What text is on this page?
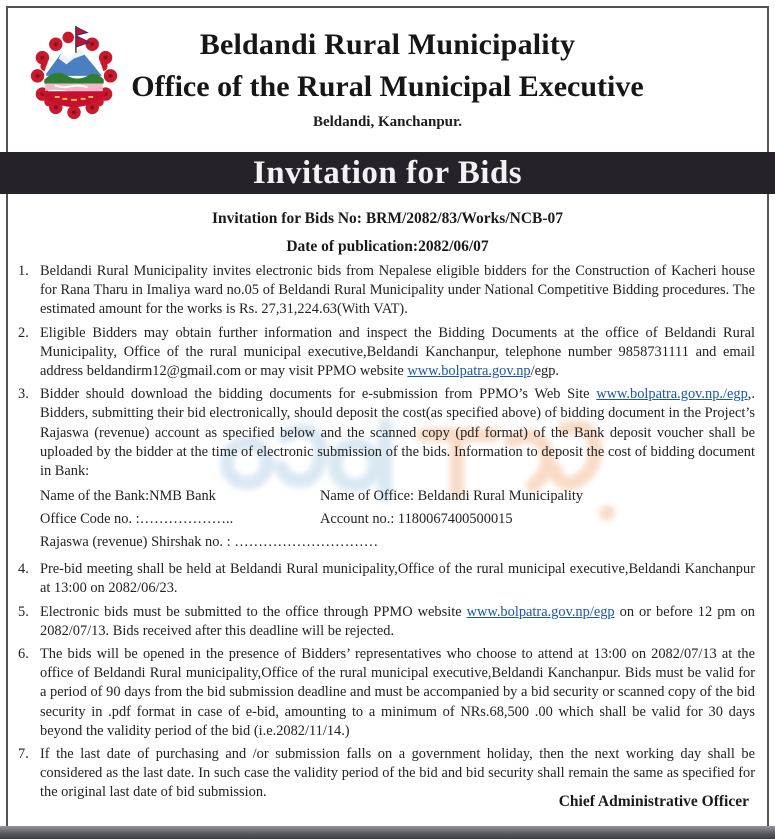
Beldandi Rural Municipality
Office of the Rural Municipal Executive
Beldandi, Kanchanpur.
Invitation for Bids
Invitation for Bids No: BRM/2082/83/Works/NCB-07
Date of publication:2082/06/07
1. Beldandi Rural Municipality invites electronic bids from Nepalese eligible bidders for the Construction of Kacheri house for Rana Tharu in Imaliya ward no.05 of Beldandi Rural Municipality under National Competitive Bidding procedures. The estimated amount for the works is Rs. 27,31,224.63(With VAT).

2. Eligible Bidders may obtain further information and inspect the Bidding Documents at the office of Beldandi Rural Municipality, Office of the rural municipal executive,Beldandi Kanchanpur, telephone number 9858731111 and email address beldandirm12@gmail.com or may visit PPMO website www.bolpatra.gov.np/egp.

3. Bidder should download the bidding documents for e-submission from PPMO’s Web Site www.bolpatra.gov.np./egp,. Bidders, submitting their bid electronically, should deposit the cost(as specified above) of bidding document in the Project’s Rajaswa (revenue) account as specified below and the scanned copy (pdf format) of the Bank deposit voucher shall be uploaded by the bidder at the time of electronic submission of the bids. Information to deposit the cost of bidding document in Bank:

Name of the Bank:NMB Bank	Name of Office: Beldandi Rural Municipality
Office Code no. :………………..	Account no.: 1180067400500015
Rajaswa (revenue) Shirshak no. : …………………………
4. Pre-bid meeting shall be held at Beldandi Rural municipality,Office of the rural municipal executive,Beldandi Kanchanpur at 13:00 on 2082/06/23.

5. Electronic bids must be submitted to the office through PPMO website www.bolpatra.gov.np/egp on or before 12 pm on 2082/07/13. Bids received after this deadline will be rejected.

6. The bids will be opened in the presence of Bidders’ representatives who choose to attend at 13:00 on 2082/07/13 at the office of Beldandi Rural municipality,Office of the rural municipal executive,Beldandi Kanchanpur. Bids must be valid for a period of 90 days from the bid submission deadline and must be accompanied by a bid security or scanned copy of the bid security in .pdf format in case of e-bid, amounting to a minimum of NRs.68,500 .00 which shall be valid for 30 days beyond the validity period of the bid (i.e.2082/11/14.)

7. If the last date of purchasing and /or submission falls on a government holiday, then the next working day shall be considered as the last date. In such case the validity period of the bid and bid security shall remain the same as specified for the original last date of bid submission.

Chief Administrative Officer
